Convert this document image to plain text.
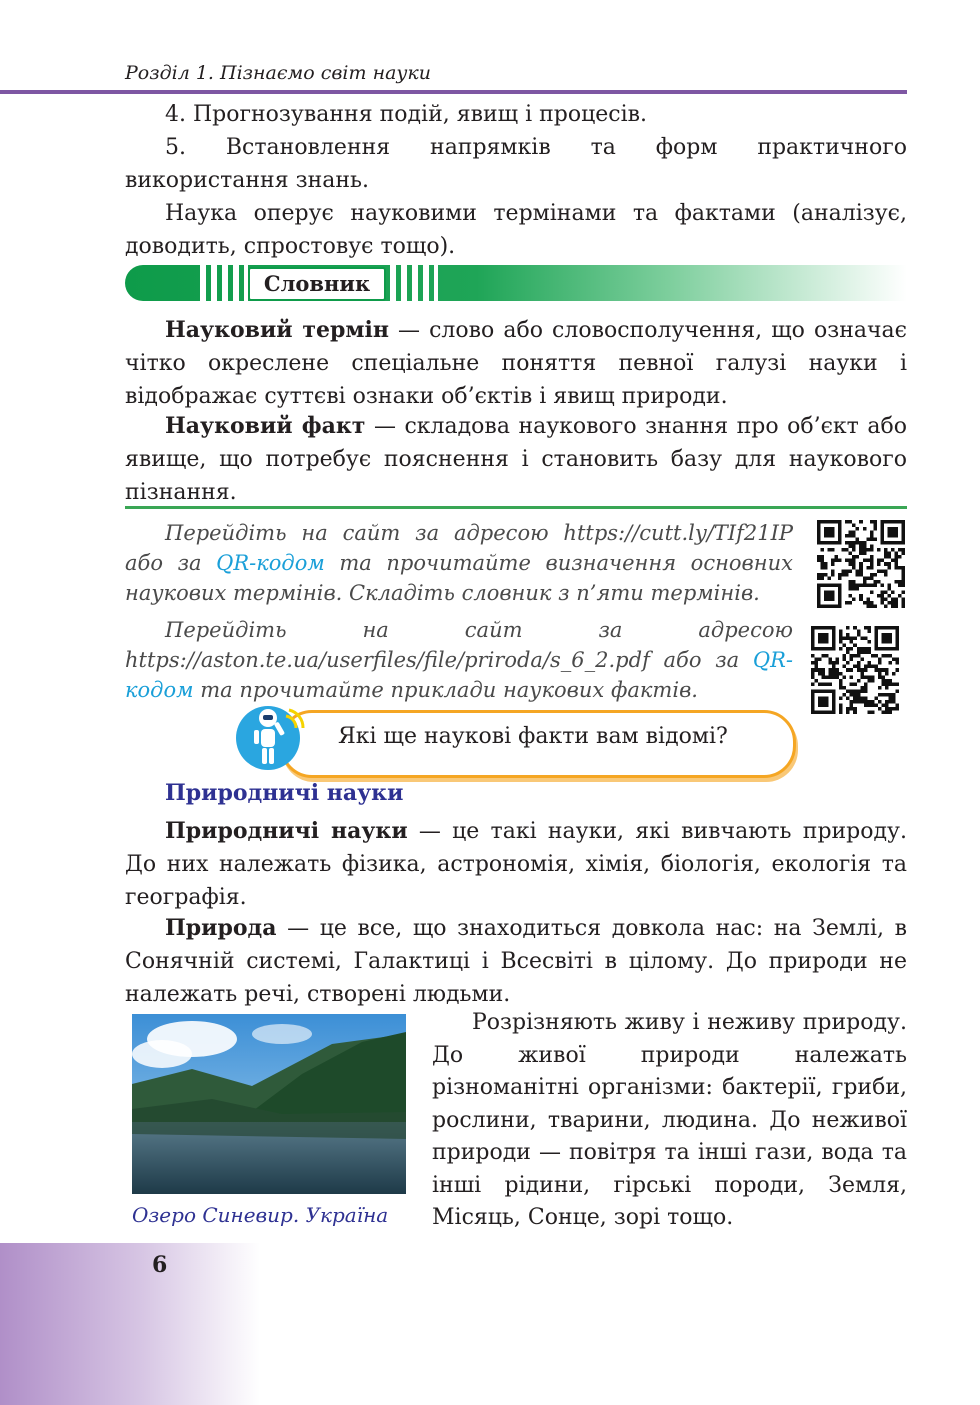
Розділ 1. Пізнаємо світ науки

4. Прогнозування подій, явищ і процесів.

5. Встановлення напрямків та форм практичного використання знань.

Наука оперує науковими термінами та фактами (аналізує, доводить, спростовує тощо).

Словник

Науковий термін — слово або словосполучення, що означає чітко окреслене спеціальне поняття певної галузі науки і відображає суттєві ознаки об’єктів і явищ природи.

Науковий факт — складова наукового знання про об’єкт або явище, що потребує пояснення і становить базу для наукового пізнання.

Перейдіть на сайт за адресою https://cutt.ly/TIf21IP або за QR-кодом та прочитайте визначення основних наукових термінів. Складіть словник з п’яти термінів.

Перейдіть на сайт за адресою https://aston.te.ua/userfiles/file/priroda/s_6_2.pdf або за QR-кодом та прочитайте приклади наукових фактів.

Які ще наукові факти вам відомі?
Природничі науки

Природничі науки — це такі науки, які вивчають природу. До них належать фізика, астрономія, хімія, біологія, екологія та географія.

Природа — це все, що знаходиться довкола нас: на Землі, в Сонячній системі, Галактиці і Всесвіті в цілому. До природи не належать речі, створені людьми.

Озеро Синевир. Україна

Розрізняють живу і неживу природу. До живої природи належать різноманітні організми: бактерії, гриби, рослини, тварини, людина. До неживої природи — повітря та інші гази, вода та інші рідини, гірські породи, Земля, Місяць, Сонце, зорі тощо.

6
